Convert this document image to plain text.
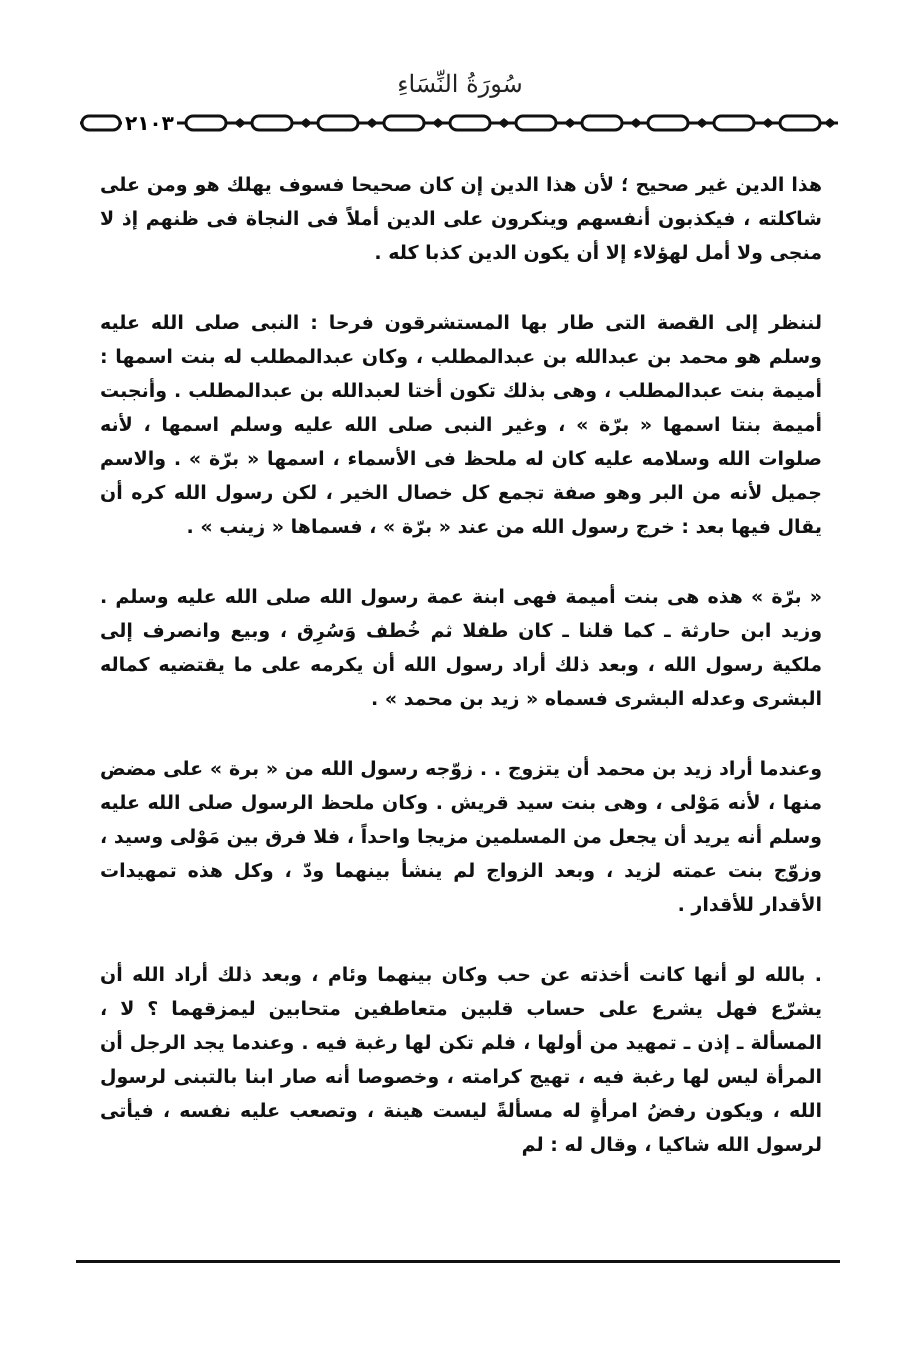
سُورَةُ النِّسَاءِ
٢١٠٣

هذا الدين غير صحيح ؛ لأن هذا الدين إن كان صحيحا فسوف يهلك هو ومن على شاكلته ، فيكذبون أنفسهم وينكرون على الدين أملاً فى النجاة فى ظنهم إذ لا منجى ولا أمل لهؤلاء إلا أن يكون الدين كذبا كله .

لننظر إلى القصة التى طار بها المستشرقون فرحا : النبى صلى الله عليه وسلم هو محمد بن عبدالله بن عبدالمطلب ، وكان عبدالمطلب له بنت اسمها : أميمة بنت عبدالمطلب ، وهى بذلك تكون أختا لعبدالله بن عبدالمطلب . وأنجبت أميمة بنتا اسمها « برّة » ، وغير النبى صلى الله عليه وسلم اسمها ، لأنه صلوات الله وسلامه عليه كان له ملحظ فى الأسماء ، اسمها « برّة » . والاسم جميل لأنه من البر وهو صفة تجمع كل خصال الخير ، لكن رسول الله كره أن يقال فيها بعد : خرج رسول الله من عند « برّة » ، فسماها « زينب » .

« برّة » هذه هى بنت أميمة فهى ابنة عمة رسول الله صلى الله عليه وسلم . وزيد ابن حارثة ـ كما قلنا ـ كان طفلا ثم خُطف وَسُرِق ، وبيع وانصرف إلى ملكية رسول الله ، وبعد ذلك أراد رسول الله أن يكرمه على ما يقتضيه كماله البشرى وعدله البشرى فسماه « زيد بن محمد » .

وعندما أراد زيد بن محمد أن يتزوج . . زوّجه رسول الله من « برة » على مضض منها ، لأنه مَوْلى ، وهى بنت سيد قريش . وكان ملحظ الرسول صلى الله عليه وسلم أنه يريد أن يجعل من المسلمين مزيجا واحداً ، فلا فرق بين مَوْلى وسيد ، وزوّج بنت عمته لزيد ، وبعد الزواج لم ينشأ بينهما ودّ ، وكل هذه تمهيدات الأقدار للأقدار .

. بالله لو أنها كانت أخذته عن حب وكان بينهما وئام ، وبعد ذلك أراد الله أن يشرّع فهل يشرع على حساب قلبين متعاطفين متحابين ليمزقهما ؟ لا ، المسألة ـ إذن ـ تمهيد من أولها ، فلم تكن لها رغبة فيه . وعندما يجد الرجل أن المرأة ليس لها رغبة فيه ، تهيج كرامته ، وخصوصا أنه صار ابنا بالتبنى لرسول الله ، ويكون رفضُ امرأةٍ له مسألةً ليست هينة ، وتصعب عليه نفسه ، فيأتى لرسول الله شاكيا ، وقال له : لم
